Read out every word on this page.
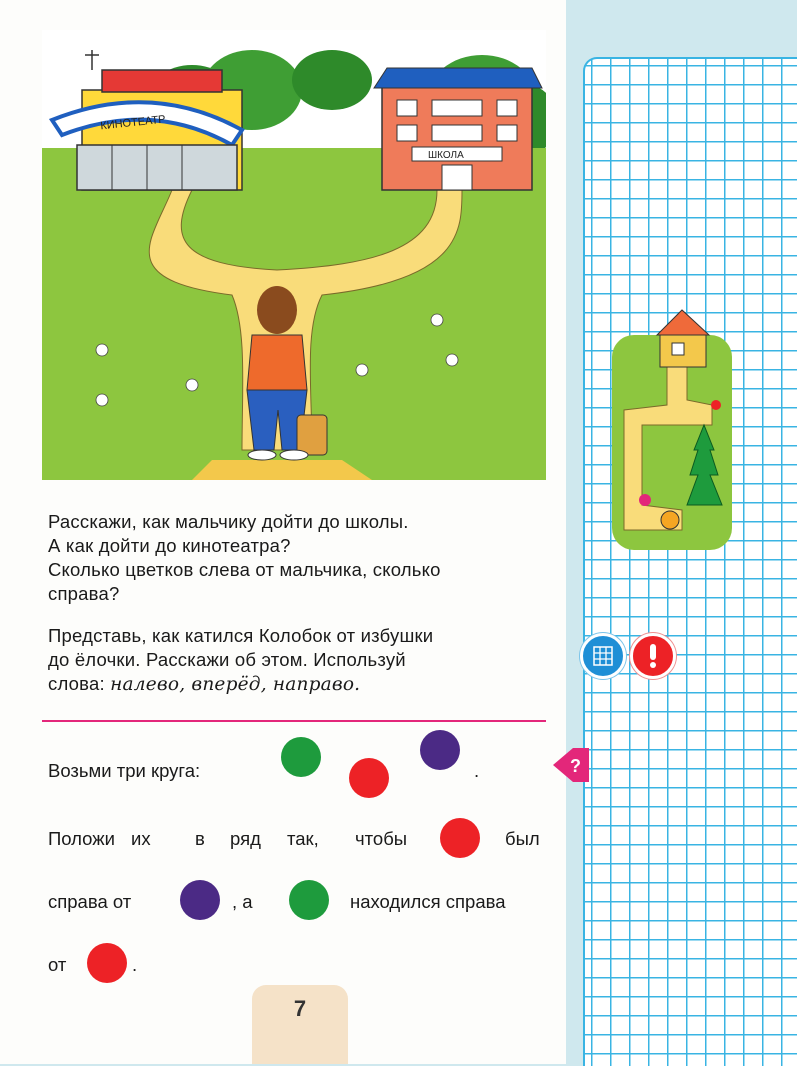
КИНОТЕАТР
ШКОЛА

Расскажи, как мальчику дойти до школы.

А как дойти до кинотеатра?

Сколько цветков слева от мальчика, сколько

справа?

Представь, как катился Колобок от избушки

до ёлочки. Расскажи об этом. Используй

слова: налево, вперёд, направо.

Возьми три круга:	.
Положи их в ряд так, чтобы	был
справа от	, а	находился справа
от	.
7
?
